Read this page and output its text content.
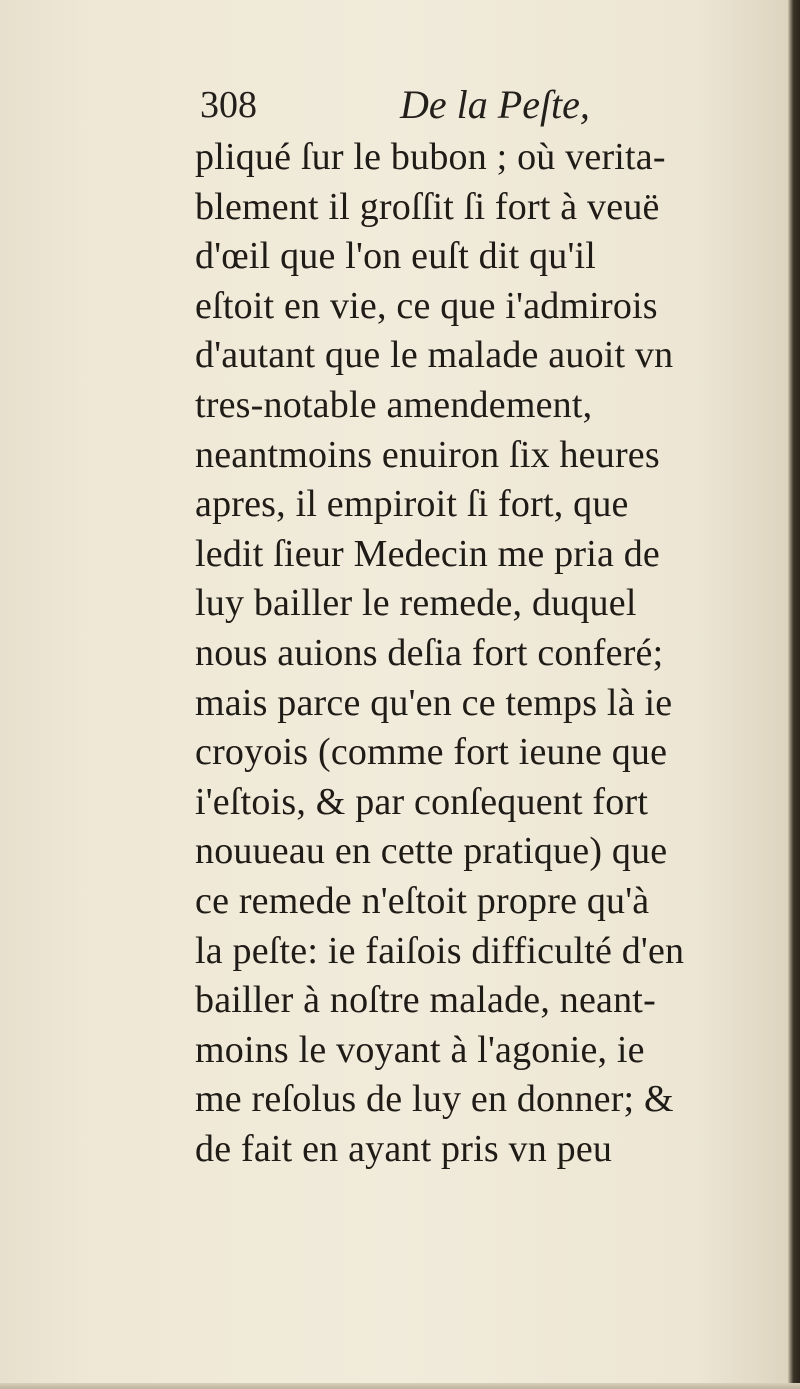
308	De la Peſte,
pliqué ſur le bubon ; où verita-
blement il groſſit ſi fort à veuë
d'œil que l'on euſt dit qu'il
eſtoit en vie, ce que i'admirois
d'autant que le malade auoit vn
tres-notable amendement,
neantmoins enuiron ſix heures
apres, il empiroit ſi fort, que
ledit ſieur Medecin me pria de
luy bailler le remede, duquel
nous auions deſia fort conferé;
mais parce qu'en ce temps là ie
croyois (comme fort ieune que
i'eſtois, & par conſequent fort
nouueau en cette pratique) que
ce remede n'eſtoit propre qu'à
la peſte: ie faiſois difficulté d'en
bailler à noſtre malade, neant-
moins le voyant à l'agonie, ie
me reſolus de luy en donner; &
de fait en ayant pris vn peu
